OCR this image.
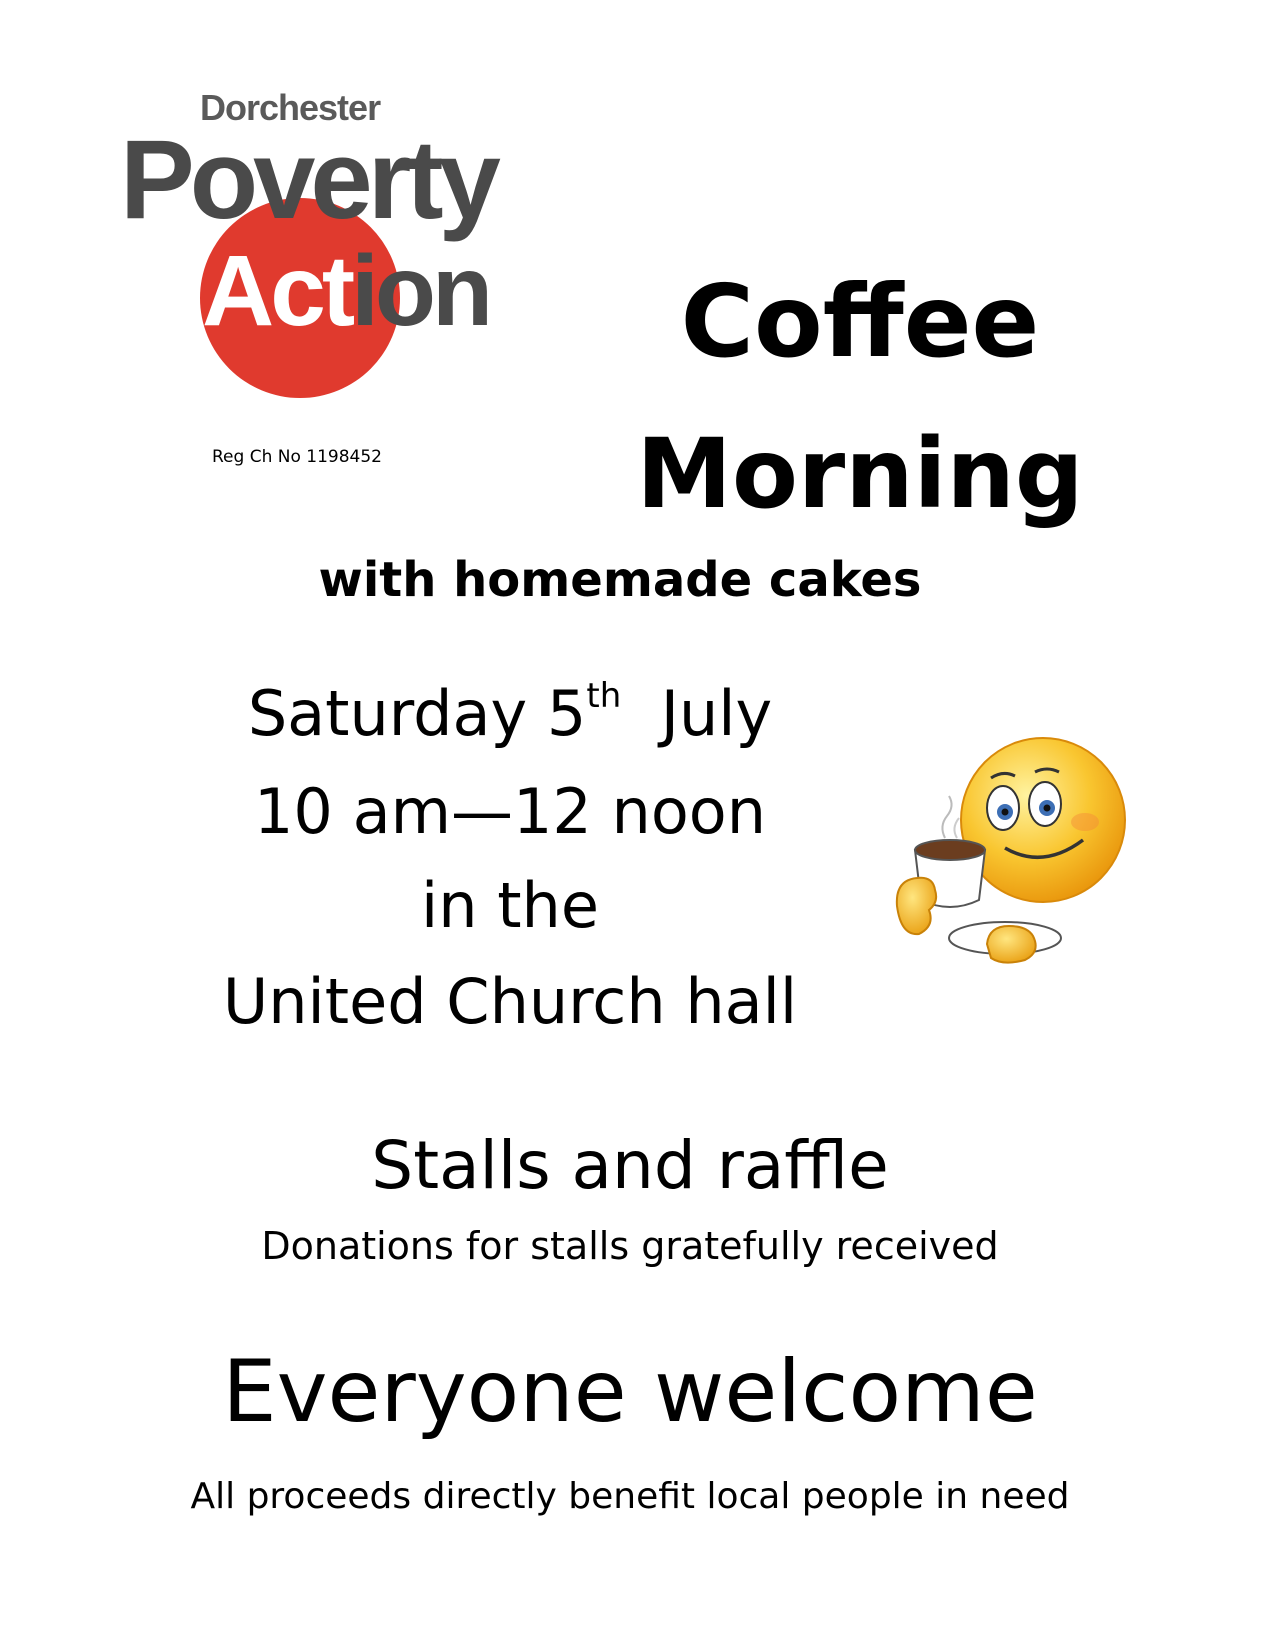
Dorchester
Poverty
Action
Reg Ch No 1198452
Coffee
Morning
with homemade cakes
Saturday 5th July
10 am—12 noon
in the
United Church hall
Stalls and raffle
Donations for stalls gratefully received
Everyone welcome
All proceeds directly benefit local people in need
